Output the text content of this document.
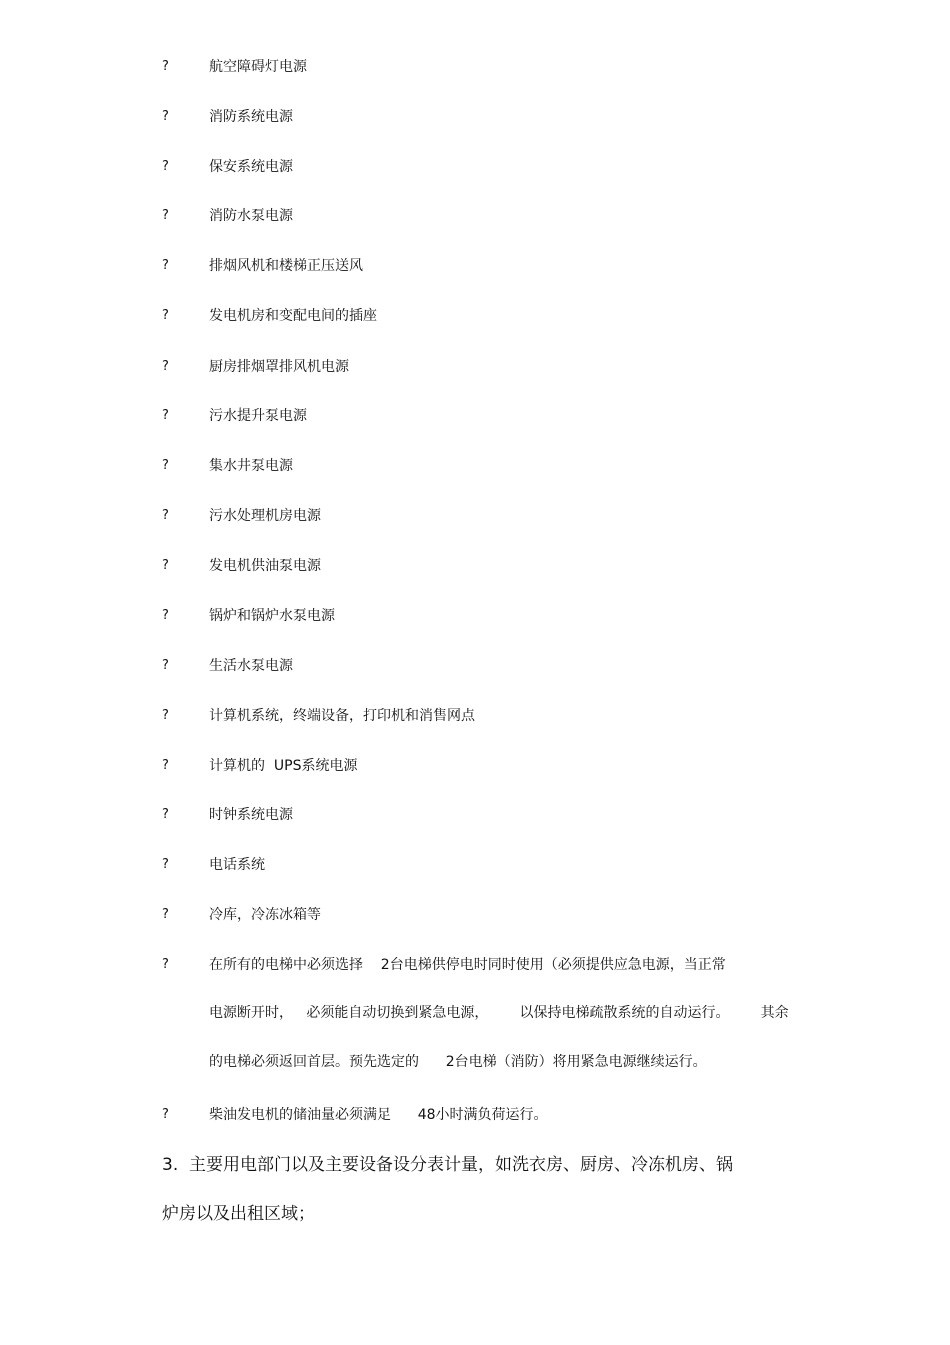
?	航空障碍灯电源
?	消防系统电源
?	保安系统电源
?	消防水泵电源
?	排烟风机和楼梯正压送风
?	发电机房和变配电间的插座
?	厨房排烟罩排风机电源
?	污水提升泵电源
?	集水井泵电源
?	污水处理机房电源
?	发电机供油泵电源
?	锅炉和锅炉水泵电源
?	生活水泵电源
?	计算机系统，终端设备，打印机和消售网点
?	计算机的  UPS系统电源
?	时钟系统电源
?	电话系统
?	冷库，冷冻冰箱等
?	在所有的电梯中必须选择    2台电梯供停电时同时使用（必须提供应急电源，当正常
电源断开时，   必须能自动切换到紧急电源，       以保持电梯疏散系统的自动运行。       其余
的电梯必须返回首层。预先选定的      2台电梯（消防）将用紧急电源继续运行。
?	柴油发电机的储油量必须满足      48小时满负荷运行。
3.  主要用电部门以及主要设备设分表计量，如洗衣房、厨房、冷冻机房、锅
炉房以及出租区域；
